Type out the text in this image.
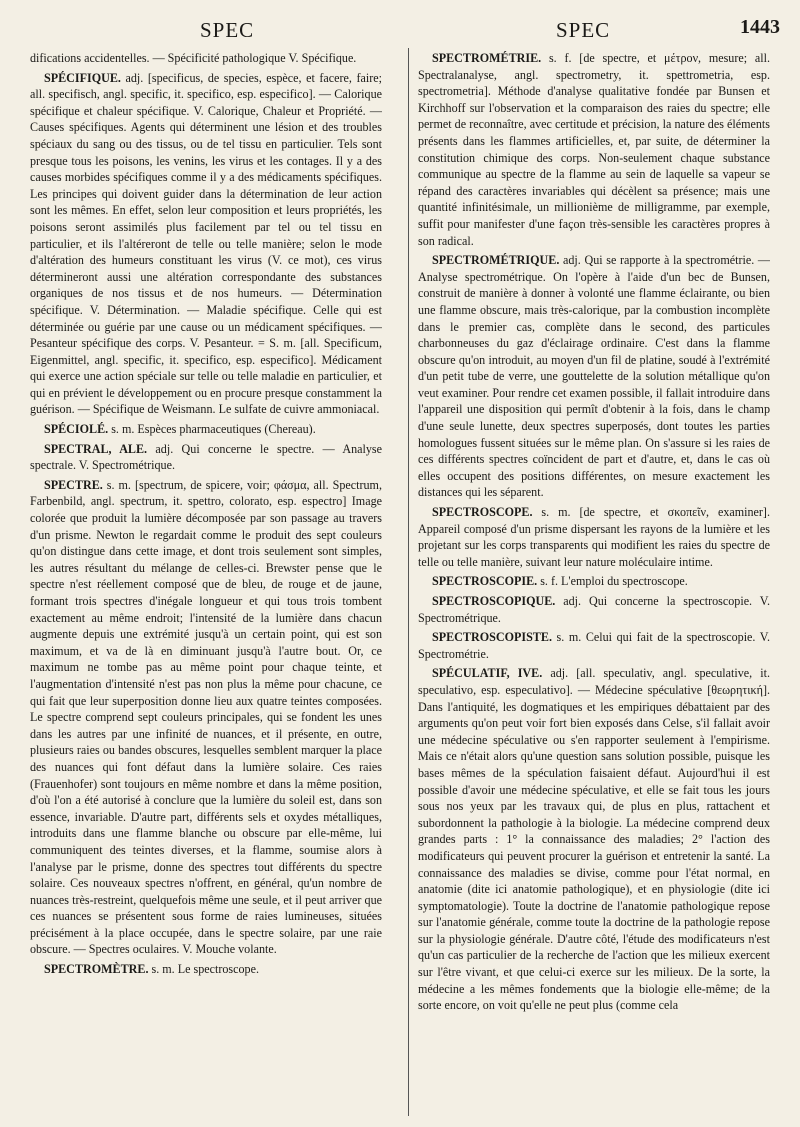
SPEC	SPEC	1443

difications accidentelles. — Spécificité pathologique V. Spécifique.

SPÉCIFIQUE. adj. [specificus, de species, espèce, et facere, faire; all. specifisch, angl. specific, it. specifico, esp. especifico]. — Calorique spécifique et chaleur spécifique. V. Calorique, Chaleur et Propriété. — Causes spécifiques. Agents qui déterminent une lésion et des troubles spéciaux du sang ou des tissus, ou de tel tissu en particulier. Tels sont presque tous les poisons, les venins, les virus et les contages. Il y a des causes morbides spécifiques comme il y a des médicaments spécifiques. Les principes qui doivent guider dans la détermination de leur action sont les mêmes. En effet, selon leur composition et leurs propriétés, les poisons seront assimilés plus facilement par tel ou tel tissu en particulier, et ils l'altéreront de telle ou telle manière; selon le mode d'altération des humeurs constituant les virus (V. ce mot), ces virus détermineront aussi une altération correspondante des substances organiques de nos tissus et de nos humeurs. — Détermination spécifique. V. Détermination. — Maladie spécifique. Celle qui est déterminée ou guérie par une cause ou un médicament spécifiques. — Pesanteur spécifique des corps. V. Pesanteur. = S. m. [all. Specificum, Eigenmittel, angl. specific, it. specifico, esp. especifico]. Médicament qui exerce une action spéciale sur telle ou telle maladie en particulier, et qui en prévient le développement ou en procure presque constamment la guérison. — Spécifique de Weismann. Le sulfate de cuivre ammoniacal.

SPÉCIOLÉ. s. m. Espèces pharmaceutiques (Chereau).

SPECTRAL, ALE. adj. Qui concerne le spectre. — Analyse spectrale. V. Spectrométrique.

SPECTRE. s. m. [spectrum, de spicere, voir; φάσμα, all. Spectrum, Farbenbild, angl. spectrum, it. spettro, colorato, esp. espectro] Image colorée que produit la lumière décomposée par son passage au travers d'un prisme. Newton le regardait comme le produit des sept couleurs qu'on distingue dans cette image, et dont trois seulement sont simples, les autres résultant du mélange de celles-ci. Brewster pense que le spectre n'est réellement composé que de bleu, de rouge et de jaune, formant trois spectres d'inégale longueur et qui tous trois tombent exactement au même endroit; l'intensité de la lumière dans chacun augmente depuis une extrémité jusqu'à un certain point, qui est son maximum, et va de là en diminuant jusqu'à l'autre bout. Or, ce maximum ne tombe pas au même point pour chaque teinte, et l'augmentation d'intensité n'est pas non plus la même pour chacune, ce qui fait que leur superposition donne lieu aux quatre teintes composées. Le spectre comprend sept couleurs principales, qui se fondent les unes dans les autres par une infinité de nuances, et il présente, en outre, plusieurs raies ou bandes obscures, lesquelles semblent marquer la place des nuances qui font défaut dans la lumière solaire. Ces raies (Frauenhofer) sont toujours en même nombre et dans la même position, d'où l'on a été autorisé à conclure que la lumière du soleil est, dans son essence, invariable. D'autre part, différents sels et oxydes métalliques, introduits dans une flamme blanche ou obscure par elle-même, lui communiquent des teintes diverses, et la flamme, soumise alors à l'analyse par le prisme, donne des spectres tout différents du spectre solaire. Ces nouveaux spectres n'offrent, en général, qu'un nombre de nuances très-restreint, quelquefois même une seule, et il peut arriver que ces nuances se présentent sous forme de raies lumineuses, situées précisément à la place occupée, dans le spectre solaire, par une raie obscure. — Spectres oculaires. V. Mouche volante.

SPECTROMÈTRE. s. m. Le spectroscope.

SPECTROMÉTRIE. s. f. [de spectre, et μέτρον, mesure; all. Spectralanalyse, angl. spectrometry, it. spettrometria, esp. spectrometria]. Méthode d'analyse qualitative fondée par Bunsen et Kirchhoff sur l'observation et la comparaison des raies du spectre; elle permet de reconnaître, avec certitude et précision, la nature des éléments présents dans les flammes artificielles, et, par suite, de déterminer la constitution chimique des corps. Non-seulement chaque substance communique au spectre de la flamme au sein de laquelle sa vapeur se répand des caractères invariables qui décèlent sa présence; mais une quantité infinitésimale, un millionième de milligramme, par exemple, suffit pour manifester d'une façon très-sensible les caractères propres à son radical.

SPECTROMÉTRIQUE. adj. Qui se rapporte à la spectrométrie. — Analyse spectrométrique. On l'opère à l'aide d'un bec de Bunsen, construit de manière à donner à volonté une flamme éclairante, ou bien une flamme obscure, mais très-calorique, par la combustion incomplète dans le premier cas, complète dans le second, des particules charbonneuses du gaz d'éclairage ordinaire. C'est dans la flamme obscure qu'on introduit, au moyen d'un fil de platine, soudé à l'extrémité d'un petit tube de verre, une gouttelette de la solution métallique qu'on veut examiner. Pour rendre cet examen possible, il fallait introduire dans l'appareil une disposition qui permît d'obtenir à la fois, dans le champ d'une seule lunette, deux spectres superposés, dont toutes les parties homologues fussent situées sur le même plan. On s'assure si les raies de ces différents spectres coïncident de part et d'autre, et, dans le cas où elles occupent des positions différentes, on mesure exactement les distances qui les séparent.

SPECTROSCOPE. s. m. [de spectre, et σκοπεῖν, examiner]. Appareil composé d'un prisme dispersant les rayons de la lumière et les projetant sur les corps transparents qui modifient les raies du spectre de telle ou telle manière, suivant leur nature moléculaire intime.

SPECTROSCOPIE. s. f. L'emploi du spectroscope.

SPECTROSCOPIQUE. adj. Qui concerne la spectroscopie. V. Spectrométrique.

SPECTROSCOPISTE. s. m. Celui qui fait de la spectroscopie. V. Spectrométrie.

SPÉCULATIF, IVE. adj. [all. speculativ, angl. speculative, it. speculativo, esp. especulativo]. — Médecine spéculative [θεωρητική]. Dans l'antiquité, les dogmatiques et les empiriques débattaient par des arguments qu'on peut voir fort bien exposés dans Celse, s'il fallait avoir une médecine spéculative ou s'en rapporter seulement à l'empirisme. Mais ce n'était alors qu'une question sans solution possible, puisque les bases mêmes de la spéculation faisaient défaut. Aujourd'hui il est possible d'avoir une médecine spéculative, et elle se fait tous les jours sous nos yeux par les travaux qui, de plus en plus, rattachent et subordonnent la pathologie à la biologie. La médecine comprend deux grandes parts : 1° la connaissance des maladies; 2° l'action des modificateurs qui peuvent procurer la guérison et entretenir la santé. La connaissance des maladies se divise, comme pour l'état normal, en anatomie (dite ici anatomie pathologique), et en physiologie (dite ici symptomatologie). Toute la doctrine de l'anatomie pathologique repose sur l'anatomie générale, comme toute la doctrine de la pathologie repose sur la physiologie générale. D'autre côté, l'étude des modificateurs n'est qu'un cas particulier de la recherche de l'action que les milieux exercent sur l'être vivant, et que celui-ci exerce sur les milieux. De la sorte, la médecine a les mêmes fondements que la biologie elle-même; de la sorte encore, on voit qu'elle ne peut plus (comme cela
